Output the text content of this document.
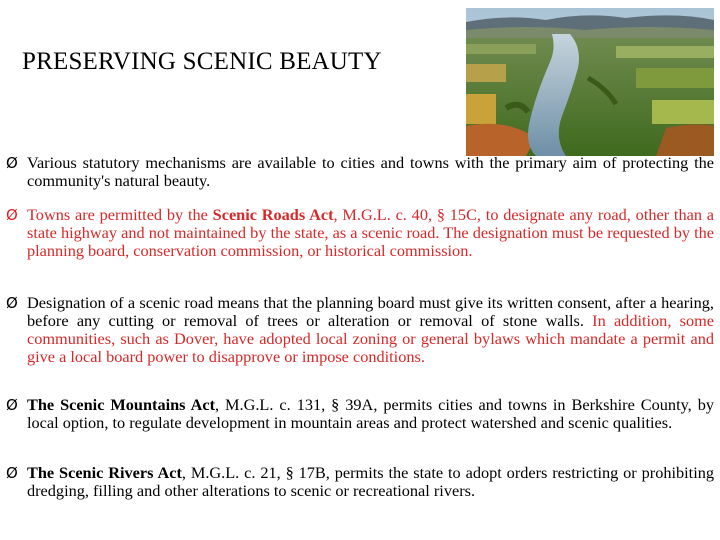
PRESERVING SCENIC BEAUTY
Ø Various statutory mechanisms are available to cities and towns with the primary aim of protecting the community's natural beauty.
Ø Towns are permitted by the Scenic Roads Act, M.G.L. c. 40, § 15C, to designate any road, other than a state highway and not maintained by the state, as a scenic road. The designation must be requested by the planning board, conservation commission, or historical commission.
Ø Designation of a scenic road means that the planning board must give its written consent, after a hearing, before any cutting or removal of trees or alteration or removal of stone walls. In addition, some communities, such as Dover, have adopted local zoning or general bylaws which mandate a permit and give a local board power to disapprove or impose conditions.
Ø The Scenic Mountains Act, M.G.L. c. 131, § 39A, permits cities and towns in Berkshire County, by local option, to regulate development in mountain areas and protect watershed and scenic qualities.
Ø The Scenic Rivers Act, M.G.L. c. 21, § 17B, permits the state to adopt orders restricting or prohibiting dredging, filling and other alterations to scenic or recreational rivers.
